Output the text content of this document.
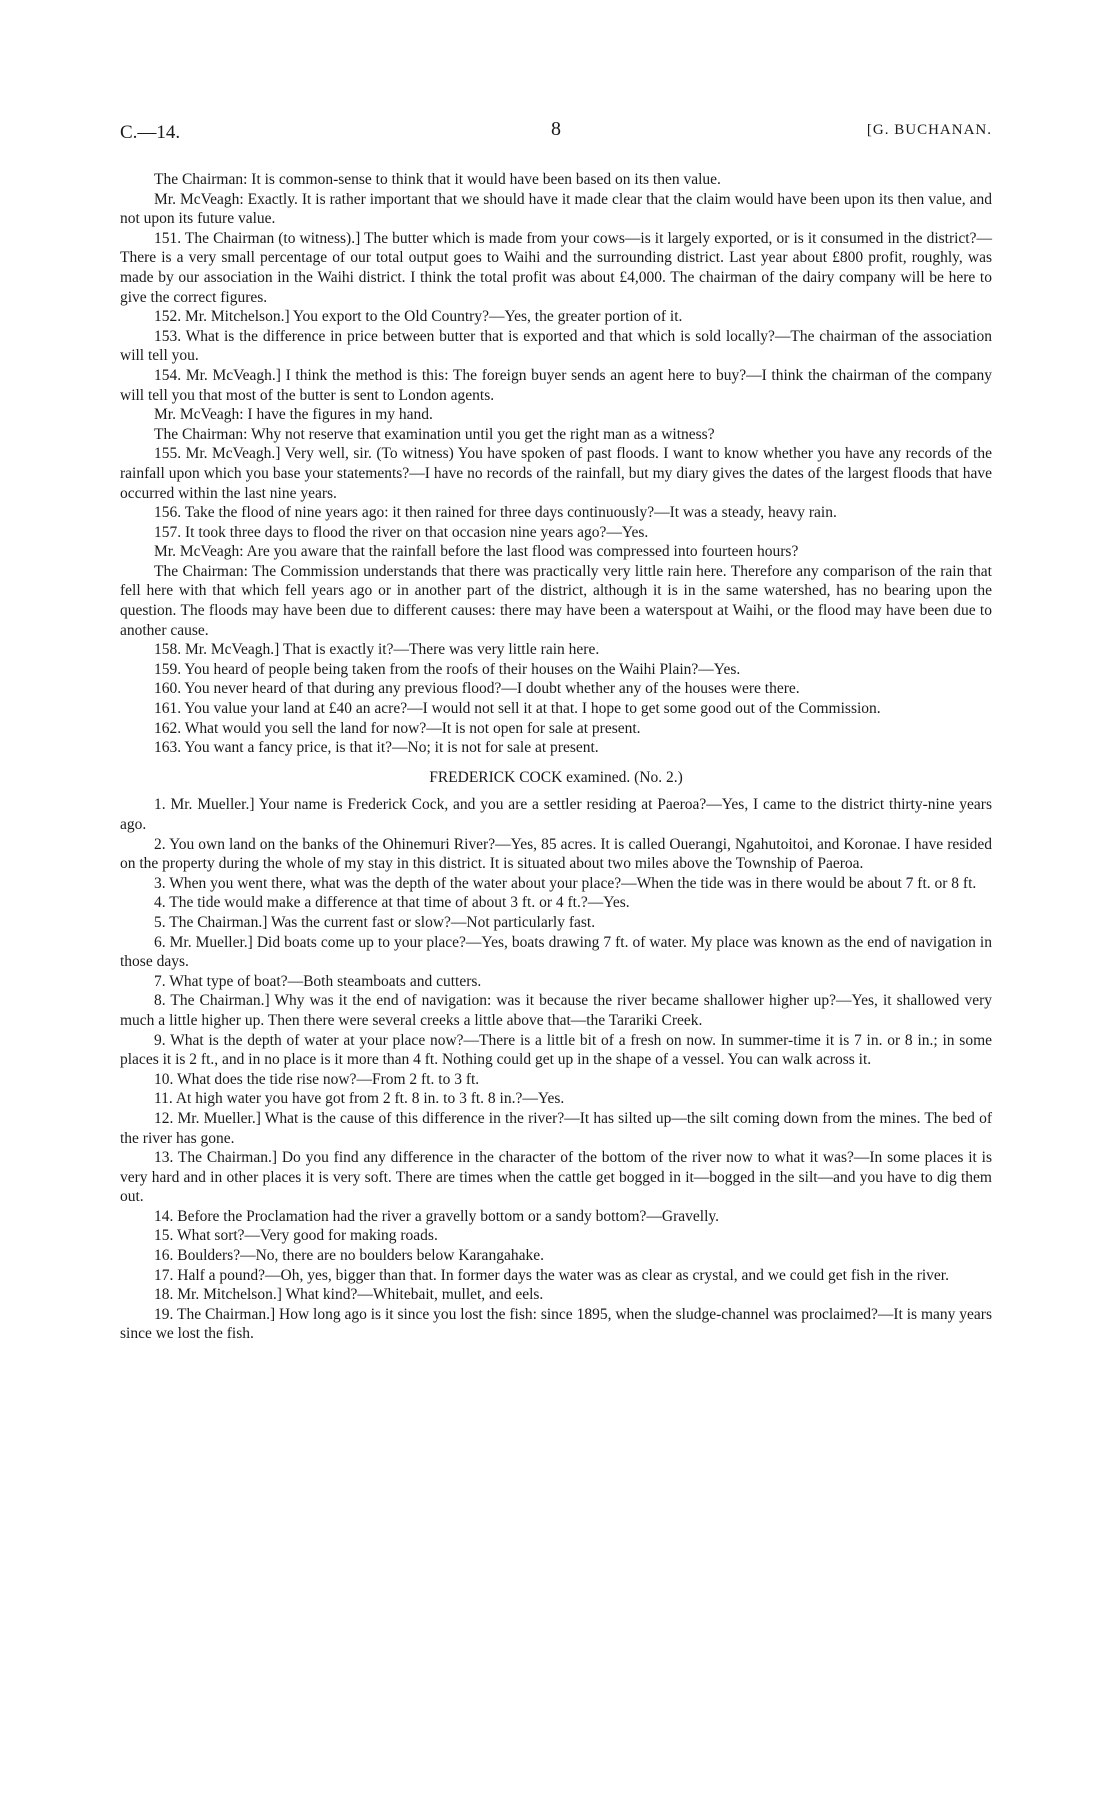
C.—14.	8	[G. BUCHANAN.

The Chairman: It is common-sense to think that it would have been based on its then value.

Mr. McVeagh: Exactly. It is rather important that we should have it made clear that the claim would have been upon its then value, and not upon its future value.

151. The Chairman (to witness).] The butter which is made from your cows—is it largely exported, or is it consumed in the district?—There is a very small percentage of our total output goes to Waihi and the surrounding district. Last year about £800 profit, roughly, was made by our association in the Waihi district. I think the total profit was about £4,000. The chairman of the dairy company will be here to give the correct figures.

152. Mr. Mitchelson.] You export to the Old Country?—Yes, the greater portion of it.

153. What is the difference in price between butter that is exported and that which is sold locally?—The chairman of the association will tell you.

154. Mr. McVeagh.] I think the method is this: The foreign buyer sends an agent here to buy?—I think the chairman of the company will tell you that most of the butter is sent to London agents.

Mr. McVeagh: I have the figures in my hand.

The Chairman: Why not reserve that examination until you get the right man as a witness?

155. Mr. McVeagh.] Very well, sir. (To witness) You have spoken of past floods. I want to know whether you have any records of the rainfall upon which you base your statements?—I have no records of the rainfall, but my diary gives the dates of the largest floods that have occurred within the last nine years.

156. Take the flood of nine years ago: it then rained for three days continuously?—It was a steady, heavy rain.

157. It took three days to flood the river on that occasion nine years ago?—Yes.

Mr. McVeagh: Are you aware that the rainfall before the last flood was compressed into fourteen hours?

The Chairman: The Commission understands that there was practically very little rain here. Therefore any comparison of the rain that fell here with that which fell years ago or in another part of the district, although it is in the same watershed, has no bearing upon the question. The floods may have been due to different causes: there may have been a waterspout at Waihi, or the flood may have been due to another cause.

158. Mr. McVeagh.] That is exactly it?—There was very little rain here.

159. You heard of people being taken from the roofs of their houses on the Waihi Plain?—Yes.

160. You never heard of that during any previous flood?—I doubt whether any of the houses were there.

161. You value your land at £40 an acre?—I would not sell it at that. I hope to get some good out of the Commission.

162. What would you sell the land for now?—It is not open for sale at present.

163. You want a fancy price, is that it?—No; it is not for sale at present.

FREDERICK COCK examined. (No. 2.)

1. Mr. Mueller.] Your name is Frederick Cock, and you are a settler residing at Paeroa?—Yes, I came to the district thirty-nine years ago.

2. You own land on the banks of the Ohinemuri River?—Yes, 85 acres. It is called Ouerangi, Ngahutoitoi, and Koronae. I have resided on the property during the whole of my stay in this district. It is situated about two miles above the Township of Paeroa.

3. When you went there, what was the depth of the water about your place?—When the tide was in there would be about 7 ft. or 8 ft.

4. The tide would make a difference at that time of about 3 ft. or 4 ft.?—Yes.

5. The Chairman.] Was the current fast or slow?—Not particularly fast.

6. Mr. Mueller.] Did boats come up to your place?—Yes, boats drawing 7 ft. of water. My place was known as the end of navigation in those days.

7. What type of boat?—Both steamboats and cutters.

8. The Chairman.] Why was it the end of navigation: was it because the river became shallower higher up?—Yes, it shallowed very much a little higher up. Then there were several creeks a little above that—the Tarariki Creek.

9. What is the depth of water at your place now?—There is a little bit of a fresh on now. In summer-time it is 7 in. or 8 in.; in some places it is 2 ft., and in no place is it more than 4 ft. Nothing could get up in the shape of a vessel. You can walk across it.

10. What does the tide rise now?—From 2 ft. to 3 ft.

11. At high water you have got from 2 ft. 8 in. to 3 ft. 8 in.?—Yes.

12. Mr. Mueller.] What is the cause of this difference in the river?—It has silted up—the silt coming down from the mines. The bed of the river has gone.

13. The Chairman.] Do you find any difference in the character of the bottom of the river now to what it was?—In some places it is very hard and in other places it is very soft. There are times when the cattle get bogged in it—bogged in the silt—and you have to dig them out.

14. Before the Proclamation had the river a gravelly bottom or a sandy bottom?—Gravelly.

15. What sort?—Very good for making roads.

16. Boulders?—No, there are no boulders below Karangahake.

17. Half a pound?—Oh, yes, bigger than that. In former days the water was as clear as crystal, and we could get fish in the river.

18. Mr. Mitchelson.] What kind?—Whitebait, mullet, and eels.

19. The Chairman.] How long ago is it since you lost the fish: since 1895, when the sludge-channel was proclaimed?—It is many years since we lost the fish.
